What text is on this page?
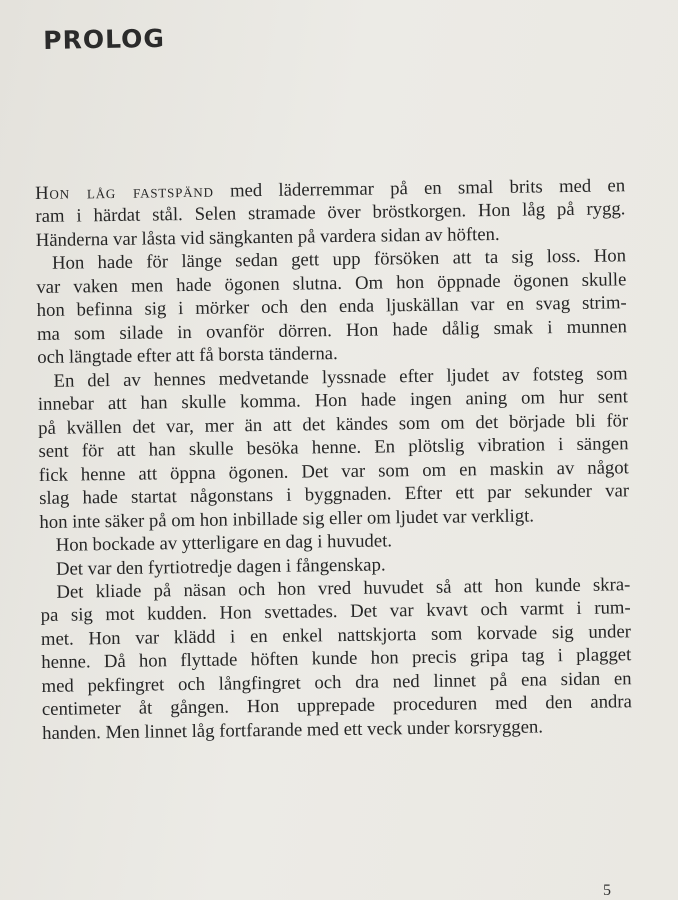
PROLOG
Hon låg fastspänd med läderremmar på en smal brits med en
ram i härdat stål. Selen stramade över bröstkorgen. Hon låg på rygg.
Händerna var låsta vid sängkanten på vardera sidan av höften.
Hon hade för länge sedan gett upp försöken att ta sig loss. Hon
var vaken men hade ögonen slutna. Om hon öppnade ögonen skulle
hon befinna sig i mörker och den enda ljuskällan var en svag strim-
ma som silade in ovanför dörren. Hon hade dålig smak i munnen
och längtade efter att få borsta tänderna.
En del av hennes medvetande lyssnade efter ljudet av fotsteg som
innebar att han skulle komma. Hon hade ingen aning om hur sent
på kvällen det var, mer än att det kändes som om det började bli för
sent för att han skulle besöka henne. En plötslig vibration i sängen
fick henne att öppna ögonen. Det var som om en maskin av något
slag hade startat någonstans i byggnaden. Efter ett par sekunder var
hon inte säker på om hon inbillade sig eller om ljudet var verkligt.
Hon bockade av ytterligare en dag i huvudet.
Det var den fyrtiotredje dagen i fångenskap.
Det kliade på näsan och hon vred huvudet så att hon kunde skra-
pa sig mot kudden. Hon svettades. Det var kvavt och varmt i rum-
met. Hon var klädd i en enkel nattskjorta som korvade sig under
henne. Då hon flyttade höften kunde hon precis gripa tag i plagget
med pekfingret och långfingret och dra ned linnet på ena sidan en
centimeter åt gången. Hon upprepade proceduren med den andra
handen. Men linnet låg fortfarande med ett veck under korsryggen.
5
